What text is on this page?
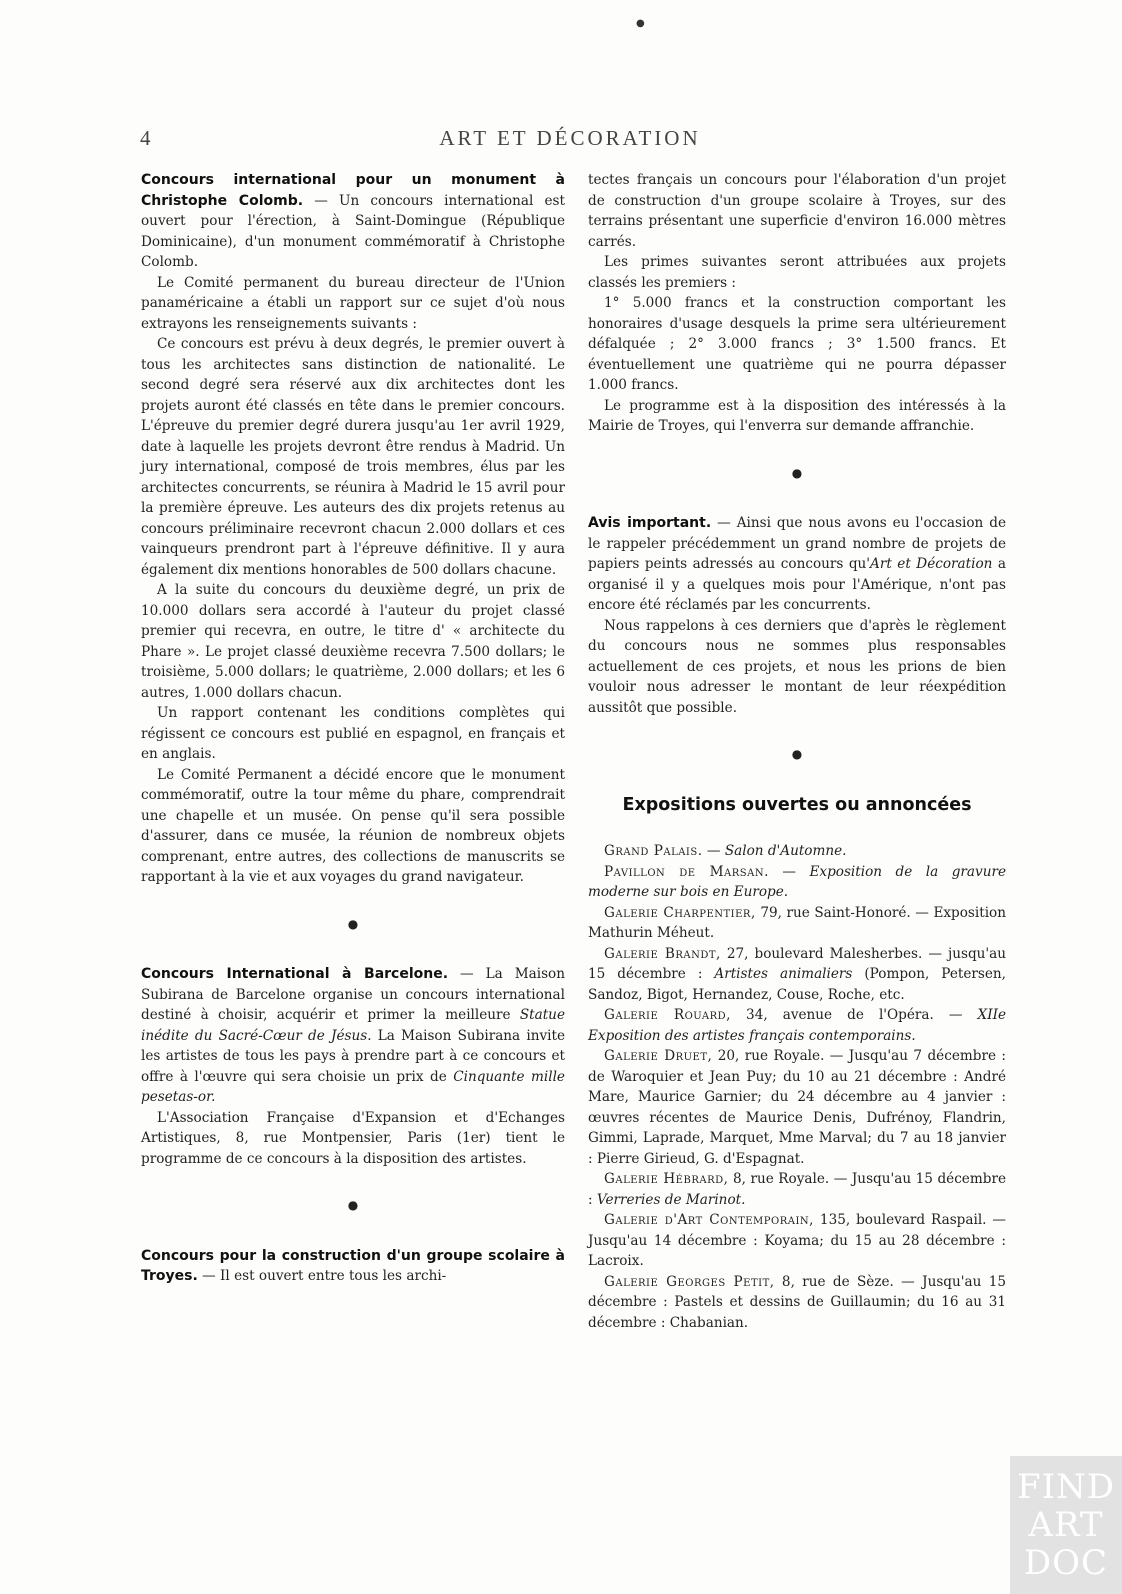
●
4	ART ET DÉCORATION

Concours international pour un monument à Christophe Colomb. — Un concours international est ouvert pour l'érection, à Saint-Domingue (République Dominicaine), d'un monument commémoratif à Christophe Colomb.

Le Comité permanent du bureau directeur de l'Union panaméricaine a établi un rapport sur ce sujet d'où nous extrayons les renseignements suivants :

Ce concours est prévu à deux degrés, le premier ouvert à tous les architectes sans distinction de nationalité. Le second degré sera réservé aux dix architectes dont les projets auront été classés en tête dans le premier concours. L'épreuve du premier degré durera jusqu'au 1er avril 1929, date à laquelle les projets devront être rendus à Madrid. Un jury international, composé de trois membres, élus par les architectes concurrents, se réunira à Madrid le 15 avril pour la première épreuve. Les auteurs des dix projets retenus au concours préliminaire recevront chacun 2.000 dollars et ces vainqueurs prendront part à l'épreuve définitive. Il y aura également dix mentions honorables de 500 dollars chacune.

A la suite du concours du deuxième degré, un prix de 10.000 dollars sera accordé à l'auteur du projet classé premier qui recevra, en outre, le titre d' « architecte du Phare ». Le projet classé deuxième recevra 7.500 dollars; le troisième, 5.000 dollars; le quatrième, 2.000 dollars; et les 6 autres, 1.000 dollars chacun.

Un rapport contenant les conditions complètes qui régissent ce concours est publié en espagnol, en français et en anglais.

Le Comité Permanent a décidé encore que le monument commémoratif, outre la tour même du phare, comprendrait une chapelle et un musée. On pense qu'il sera possible d'assurer, dans ce musée, la réunion de nombreux objets comprenant, entre autres, des collections de manuscrits se rapportant à la vie et aux voyages du grand navigateur.

●

Concours International à Barcelone. — La Maison Subirana de Barcelone organise un concours international destiné à choisir, acquérir et primer la meilleure Statue inédite du Sacré-Cœur de Jésus. La Maison Subirana invite les artistes de tous les pays à prendre part à ce concours et offre à l'œuvre qui sera choisie un prix de Cinquante mille pesetas-or.

L'Association Française d'Expansion et d'Echanges Artistiques, 8, rue Montpensier, Paris (1er) tient le programme de ce concours à la disposition des artistes.

●

Concours pour la construction d'un groupe scolaire à Troyes. — Il est ouvert entre tous les archi-

tectes français un concours pour l'élaboration d'un projet de construction d'un groupe scolaire à Troyes, sur des terrains présentant une superficie d'environ 16.000 mètres carrés.

Les primes suivantes seront attribuées aux projets classés les premiers :

1° 5.000 francs et la construction comportant les honoraires d'usage desquels la prime sera ultérieurement défalquée ; 2° 3.000 francs ; 3° 1.500 francs. Et éventuellement une quatrième qui ne pourra dépasser 1.000 francs.

Le programme est à la disposition des intéressés à la Mairie de Troyes, qui l'enverra sur demande affranchie.

●

Avis important. — Ainsi que nous avons eu l'occasion de le rappeler précédemment un grand nombre de projets de papiers peints adressés au concours qu'Art et Décoration a organisé il y a quelques mois pour l'Amérique, n'ont pas encore été réclamés par les concurrents.

Nous rappelons à ces derniers que d'après le règlement du concours nous ne sommes plus responsables actuellement de ces projets, et nous les prions de bien vouloir nous adresser le montant de leur réexpédition aussitôt que possible.

●

Expositions ouvertes ou annoncées

Grand Palais. — Salon d'Automne.

Pavillon de Marsan. — Exposition de la gravure moderne sur bois en Europe.

Galerie Charpentier, 79, rue Saint-Honoré. — Exposition Mathurin Méheut.

Galerie Brandt, 27, boulevard Malesherbes. — jusqu'au 15 décembre : Artistes animaliers (Pompon, Petersen, Sandoz, Bigot, Hernandez, Couse, Roche, etc.

Galerie Rouard, 34, avenue de l'Opéra. — XIIe Exposition des artistes français contemporains.

Galerie Druet, 20, rue Royale. — Jusqu'au 7 décembre : de Waroquier et Jean Puy; du 10 au 21 décembre : André Mare, Maurice Garnier; du 24 décembre au 4 janvier : œuvres récentes de Maurice Denis, Dufrénoy, Flandrin, Gimmi, Laprade, Marquet, Mme Marval; du 7 au 18 janvier : Pierre Girieud, G. d'Espagnat.

Galerie Hébrard, 8, rue Royale. — Jusqu'au 15 décembre : Verreries de Marinot.

Galerie d'Art Contemporain, 135, boulevard Raspail. — Jusqu'au 14 décembre : Koyama; du 15 au 28 décembre : Lacroix.

Galerie Georges Petit, 8, rue de Sèze. — Jusqu'au 15 décembre : Pastels et dessins de Guillaumin; du 16 au 31 décembre : Chabanian.

FIND
ART
DOC
